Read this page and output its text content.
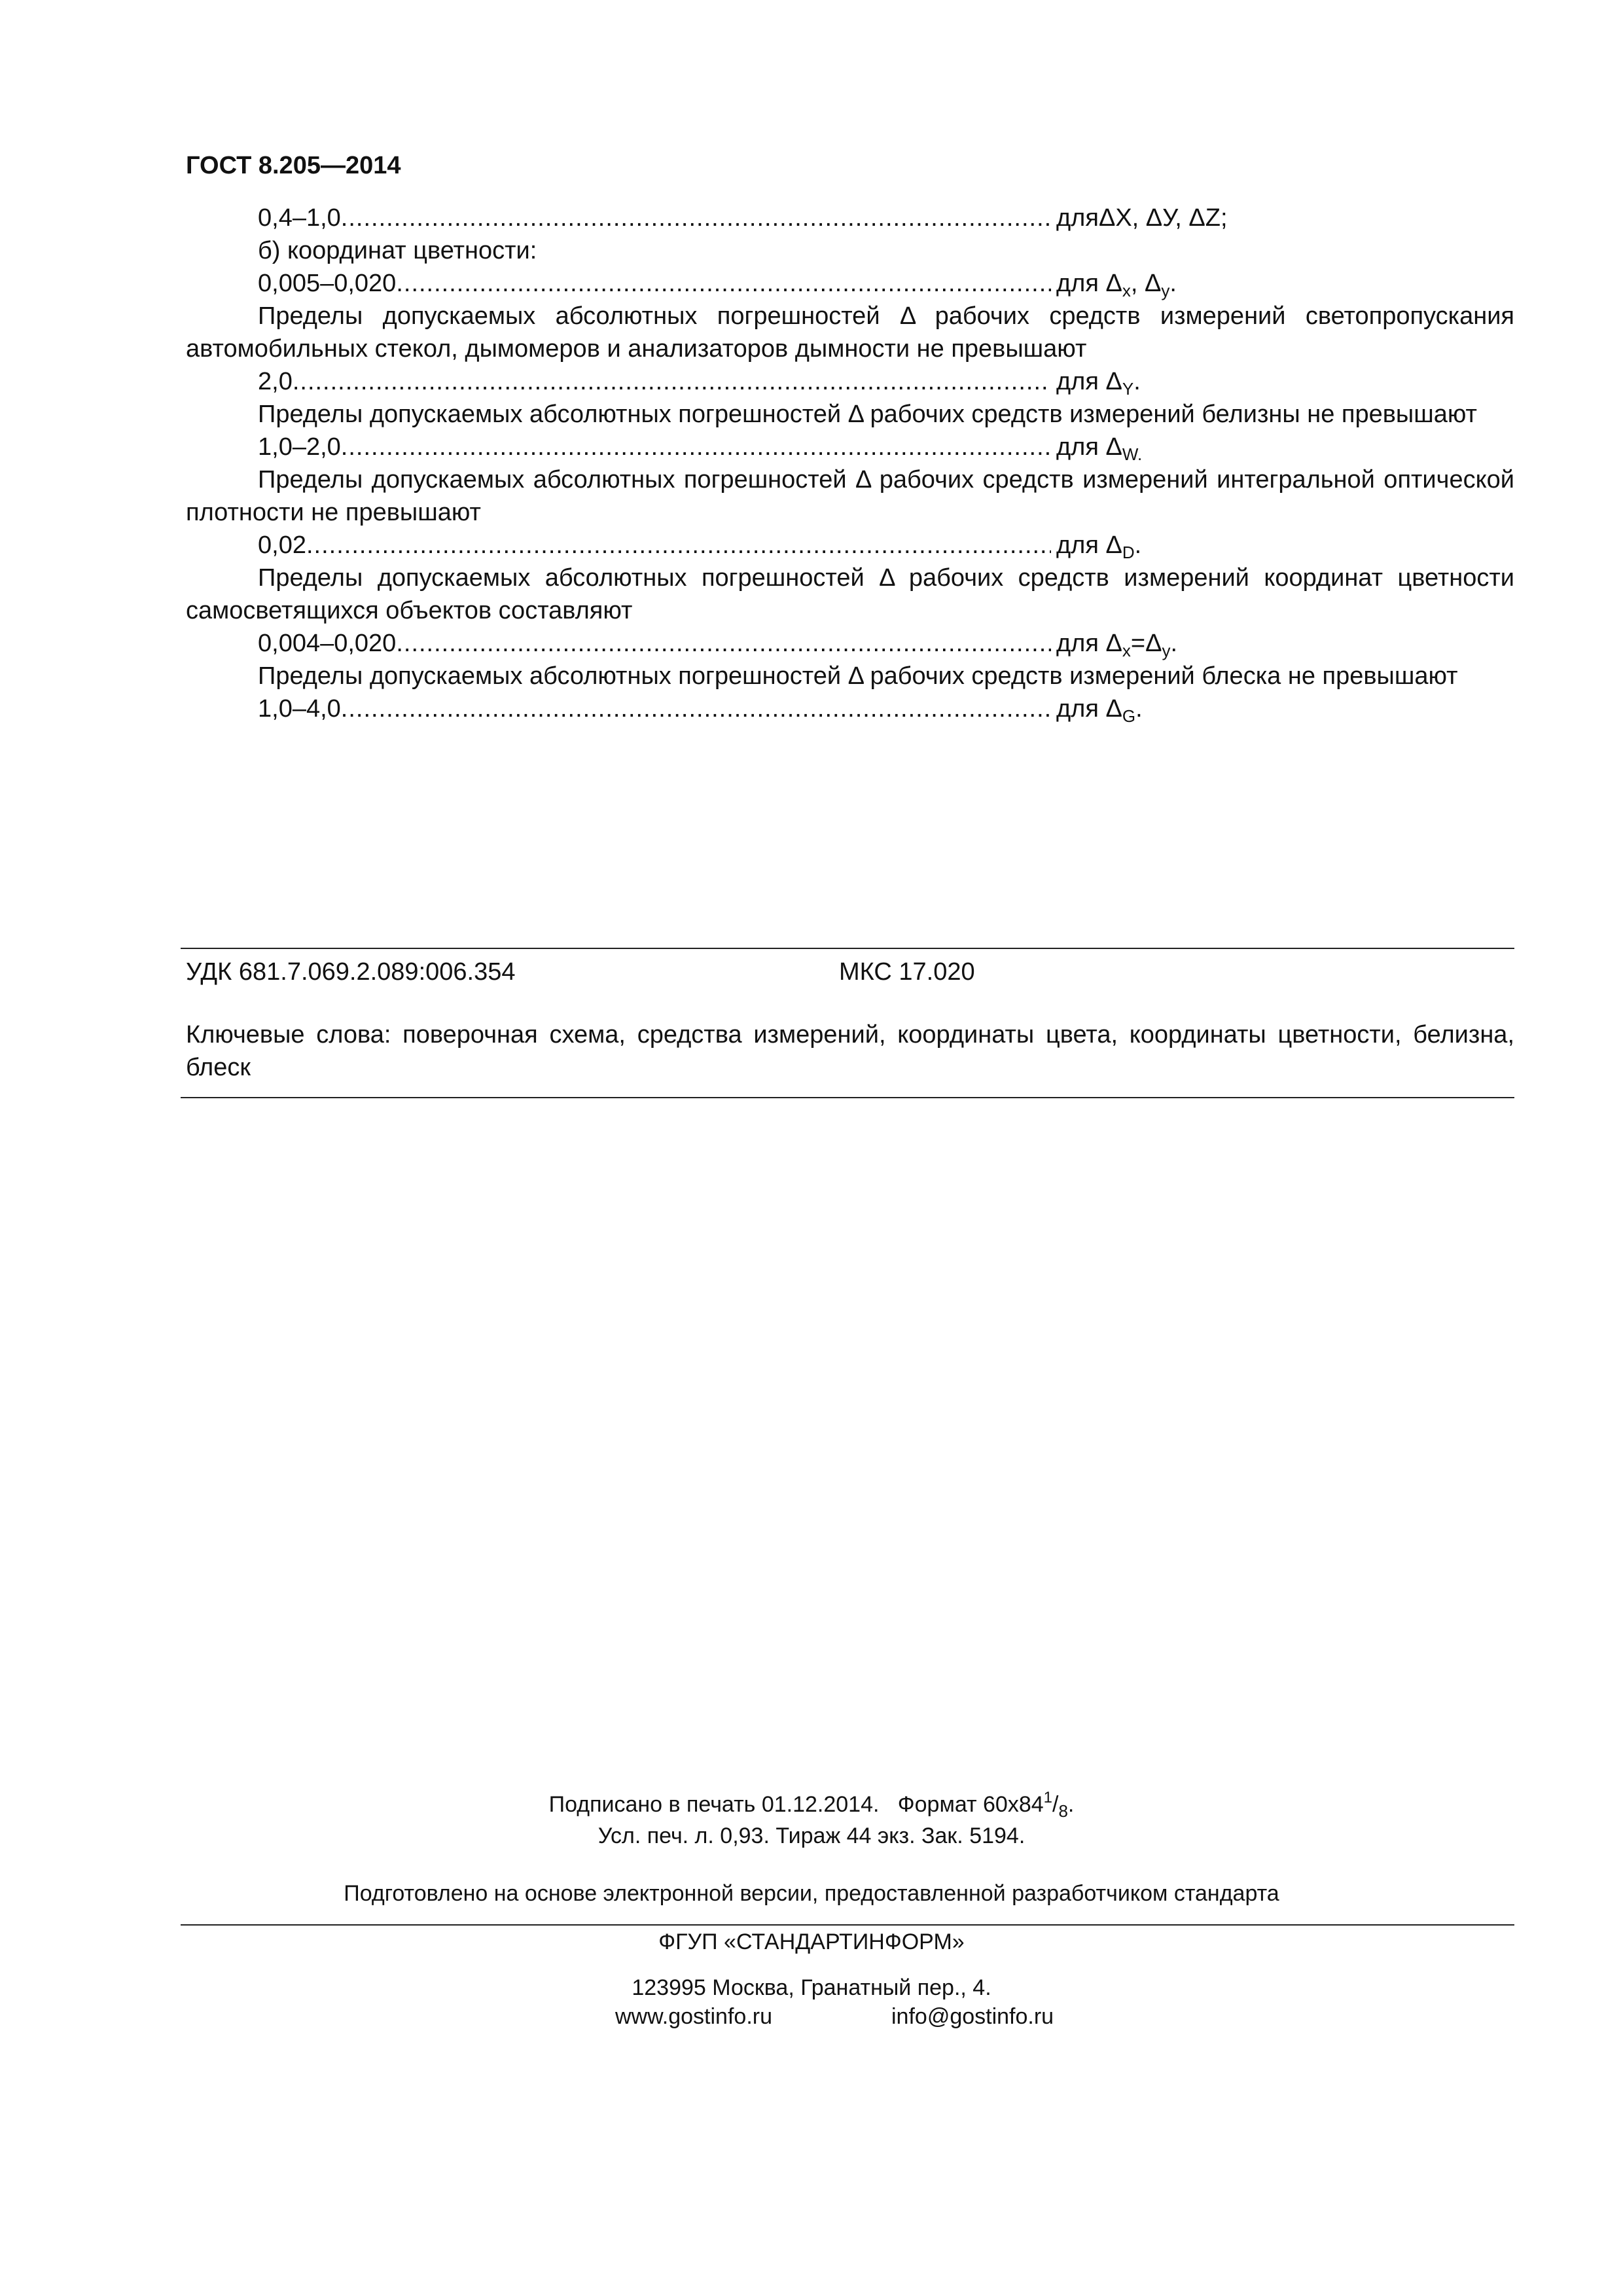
ГОСТ 8.205—2014
0,4–1,0 .....	дляΔX, ΔУ, ΔZ;
б) координат цветности:
0,005–0,020 .....	для $\Delta_x$, $\Delta_y$.
Пределы допускаемых абсолютных погрешностей Δ рабочих средств измерений светопропускания автомобильных стекол, дымомеров и анализаторов дымности не превышают
2,0 .....	для $\Delta_Y$.
Пределы допускаемых абсолютных погрешностей Δ рабочих средств измерений белизны не превышают
1,0–2,0 .....	для $\Delta_{W.}$
Пределы допускаемых абсолютных погрешностей Δ рабочих средств измерений интегральной оптической плотности не превышают
0,02 .....	для $\Delta_D$.
Пределы допускаемых абсолютных погрешностей Δ рабочих средств измерений координат цветности самосветящихся объектов составляют
0,004–0,020 .....	для $\Delta_x=\Delta_y$.
Пределы допускаемых абсолютных погрешностей Δ рабочих средств измерений блеска не превышают
1,0–4,0 .....	для $\Delta_G$.
УДК 681.7.069.2.089:006.354	МКС 17.020
Ключевые слова: поверочная схема, средства измерений, координаты цвета, координаты цветности, белизна, блеск
Подписано в печать 01.12.2014. Формат $60х84^1/_8$.
Усл. печ. л. 0,93. Тираж 44 экз. Зак. 5194.
Подготовлено на основе электронной версии, предоставленной разработчиком стандарта
ФГУП «СТАНДАРТИНФОРМ»
123995 Москва, Гранатный пер., 4.
www.gostinfo.ru	info@gostinfo.ru
